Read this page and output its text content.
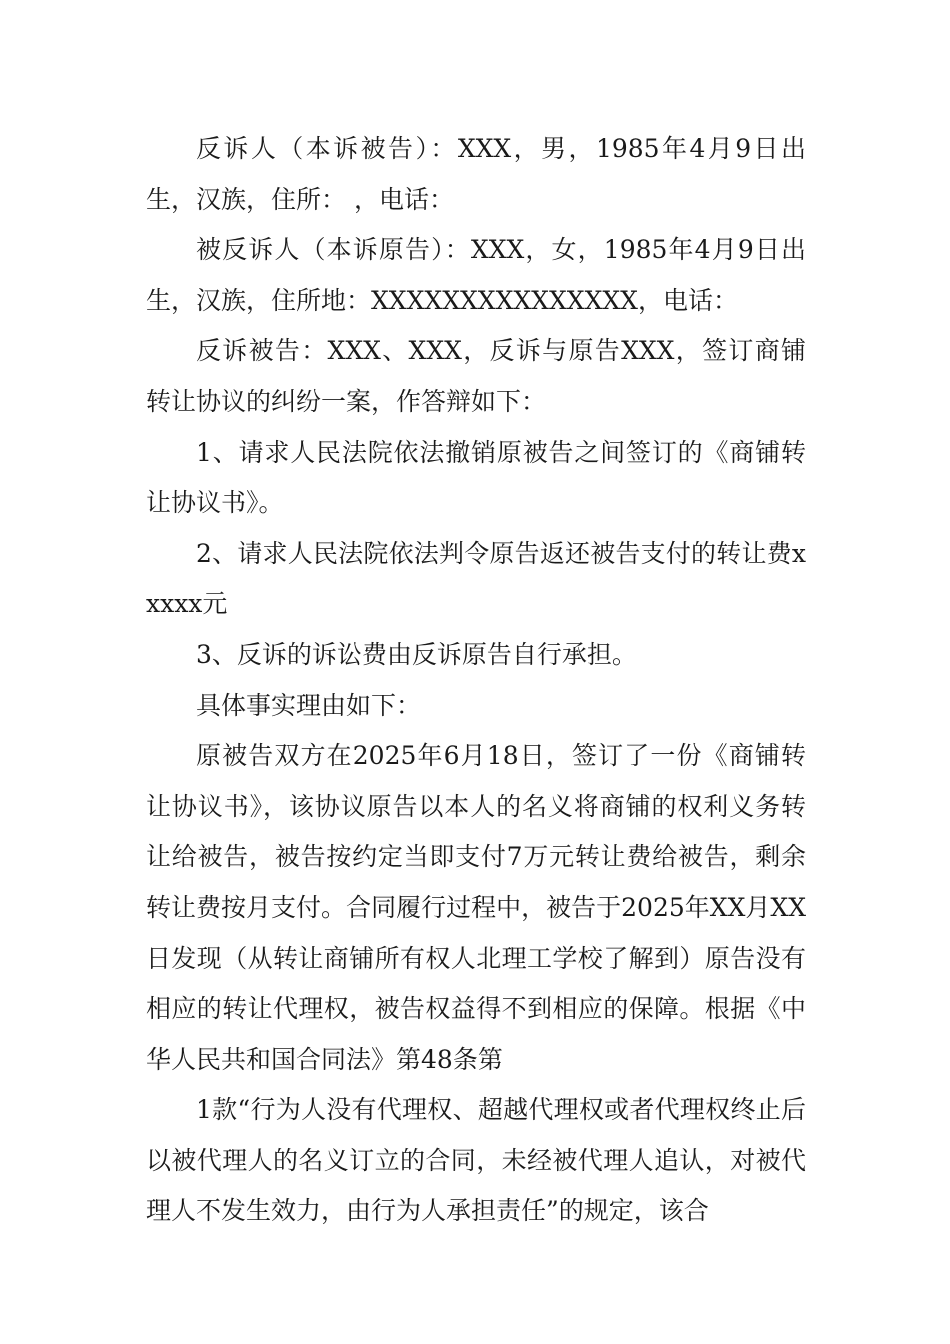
反诉人（本诉被告）：XXX，男，1985年4月9日出生，汉族，住所： ，电话：

被反诉人（本诉原告）：XXX，女，1985年4月9日出生，汉族，住所地：XXXXXXXXXXXXXXX，电话：

反诉被告：XXX、XXX，反诉与原告XXX，签订商铺转让协议的纠纷一案，作答辩如下：

1、请求人民法院依法撤销原被告之间签订的《商铺转让协议书》。

2、请求人民法院依法判令原告返还被告支付的转让费xxxxx元

3、反诉的诉讼费由反诉原告自行承担。

具体事实理由如下：

原被告双方在2025年6月18日，签订了一份《商铺转让协议书》，该协议原告以本人的名义将商铺的权利义务转让给被告，被告按约定当即支付7万元转让费给被告，剩余转让费按月支付。合同履行过程中，被告于2025年XX月XX日发现（从转让商铺所有权人北理工学校了解到）原告没有相应的转让代理权，被告权益得不到相应的保障。根据《中华人民共和国合同法》第48条第

1款“行为人没有代理权、超越代理权或者代理权终止后以被代理人的名义订立的合同，未经被代理人追认，对被代理人不发生效力，由行为人承担责任”的规定，该合
